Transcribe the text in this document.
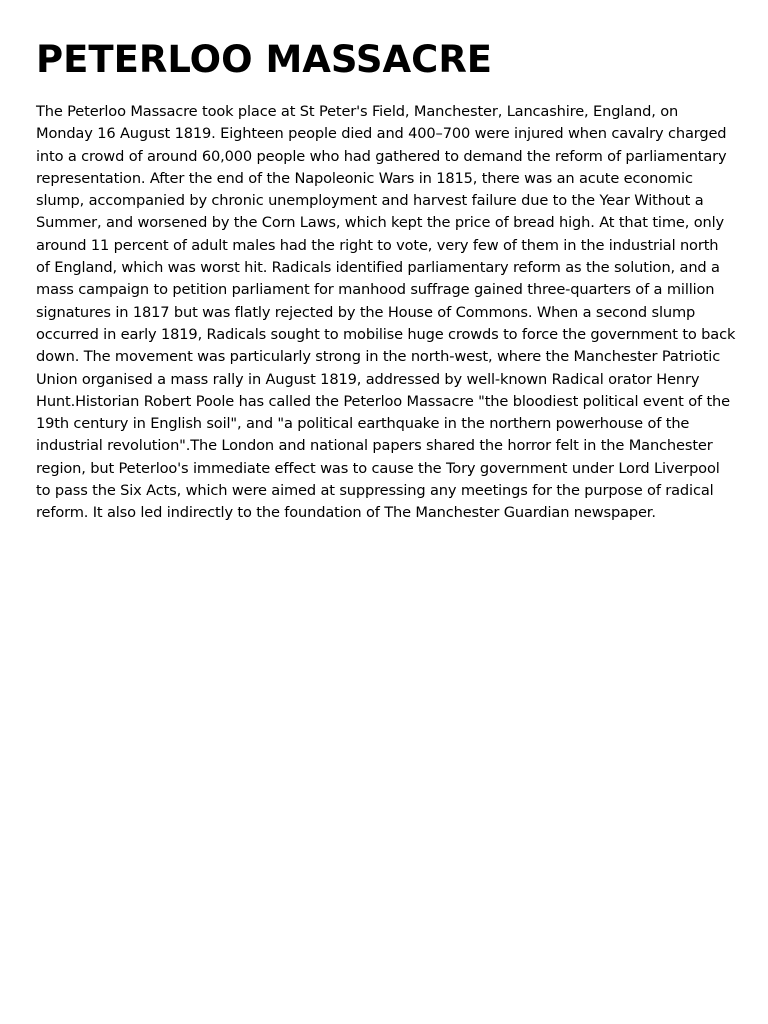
PETERLOO MASSACRE

The Peterloo Massacre took place at St Peter's Field, Manchester, Lancashire, England, on Monday 16 August 1819. Eighteen people died and 400–700 were injured when cavalry charged into a crowd of around 60,000 people who had gathered to demand the reform of parliamentary representation. After the end of the Napoleonic Wars in 1815, there was an acute economic slump, accompanied by chronic unemployment and harvest failure due to the Year Without a Summer, and worsened by the Corn Laws, which kept the price of bread high. At that time, only around 11 percent of adult males had the right to vote, very few of them in the industrial north of England, which was worst hit. Radicals identified parliamentary reform as the solution, and a mass campaign to petition parliament for manhood suffrage gained three-quarters of a million signatures in 1817 but was flatly rejected by the House of Commons. When a second slump occurred in early 1819, Radicals sought to mobilise huge crowds to force the government to back down. The movement was particularly strong in the north-west, where the Manchester Patriotic Union organised a mass rally in August 1819, addressed by well-known Radical orator Henry Hunt.Historian Robert Poole has called the Peterloo Massacre "the bloodiest political event of the 19th century in English soil", and "a political earthquake in the northern powerhouse of the industrial revolution".The London and national papers shared the horror felt in the Manchester region, but Peterloo's immediate effect was to cause the Tory government under Lord Liverpool to pass the Six Acts, which were aimed at suppressing any meetings for the purpose of radical reform. It also led indirectly to the foundation of The Manchester Guardian newspaper.
